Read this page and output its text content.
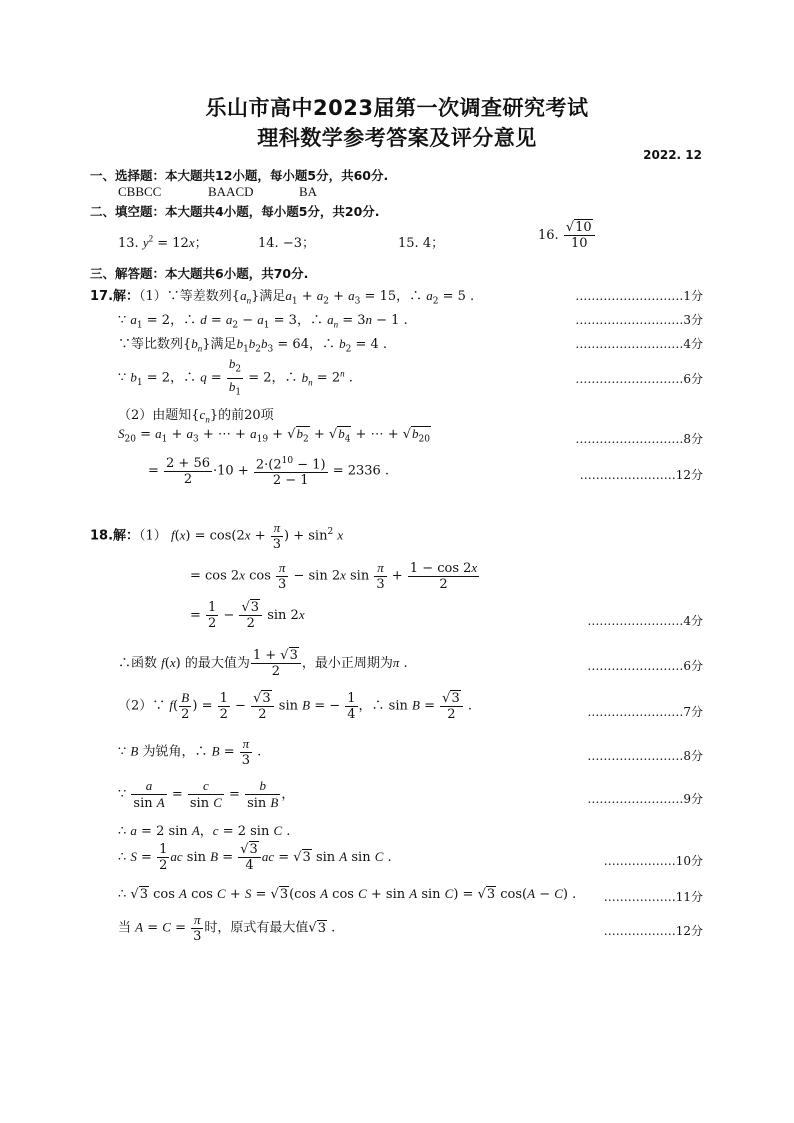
乐山市高中2023届第一次调查研究考试
理科数学参考答案及评分意见
2022. 12
一、选择题：本大题共12小题，每小题5分，共60分.
CBBCC	BAACD	BA
二、填空题：本大题共4小题，每小题5分，共20分.
13. $y^2 = 12x$；	14. −3；	15. 4；
16. $\frac{√10}{10}$
三、解答题：本大题共6小题，共70分.
17.解：（1）∵等差数列$\{a_n\}$满足$a_1 + a_2 + a_3 = 15$，∴ $a_2 = 5$ .	………………………1分
∵ $a_1 = 2$，∴ $d = a_2 - a_1 = 3$，∴ $a_n = 3n - 1$ .	………………………3分
∵等比数列$\{b_n\}$满足$b_1b_2b_3 = 64$，∴ $b_2 = 4$ .	………………………4分
∵ $b_1 = 2$，∴ $q = \frac{b_2}{b_1} = 2$，∴ $b_n = 2^n$ .	………………………6分
（2）由题知$\{c_n\}$的前20项
$S_{20} = a_1 + a_3$ + ⋯ + $a_{19} + √b_2 + √b_4$ + ⋯ + $√b_{20}$	………………………8分
= $\frac{2 + 56}{2} \cdot 10 + \frac{2\cdot(2^{10} - 1)}{2 - 1} = 2336$ .	……………………12分
18.解：（1） $f(x) = \cos(2x + \frac{\pi}{3}$ ) + $\sin^2 x$
= cos 2x $\cos \frac{\pi}{3} - \sin 2x$ $\sin \frac{\pi}{3} + \frac{1 - \cos 2x}{2}$
= $\frac{1}{2} - \frac{√3}{2}$ sin 2x	……………………4分
∴函数 f(x) 的最大值为 $\frac{1 + √3}{2}$ ，最小正周期为π .	……………………6分
（2）∵ $f( \frac{B}{2}$ ) = $\frac{1}{2} - \frac{√3}{2}$ sin B = − $\frac{1}{4}$ ，∴ $\sin B = \frac{√3}{2}$ .	……………………7分
∵ B 为锐角，∴ $B = \frac{\pi}{3}$ .	……………………8分
∵ $\frac{a}{\text{sin A}} = \frac{c}{\text{sin C}} = \frac{b}{\text{sin B}}$ ，	……………………9分
∴ a = 2 sin A，c = 2 sin C .
∴ $S = \frac{1}{2}$ ac $\sin B = \frac{√3}{4}$ ac = √3 sin A sin C .	………………10分
∴ √3 cos A cos C + S = √3(cos A cos C + sin A sin C) = √3 cos(A − C) .	………………11分
当 $A = C = \frac{\pi}{3}$ 时，原式有最大值√3 .	………………12分
